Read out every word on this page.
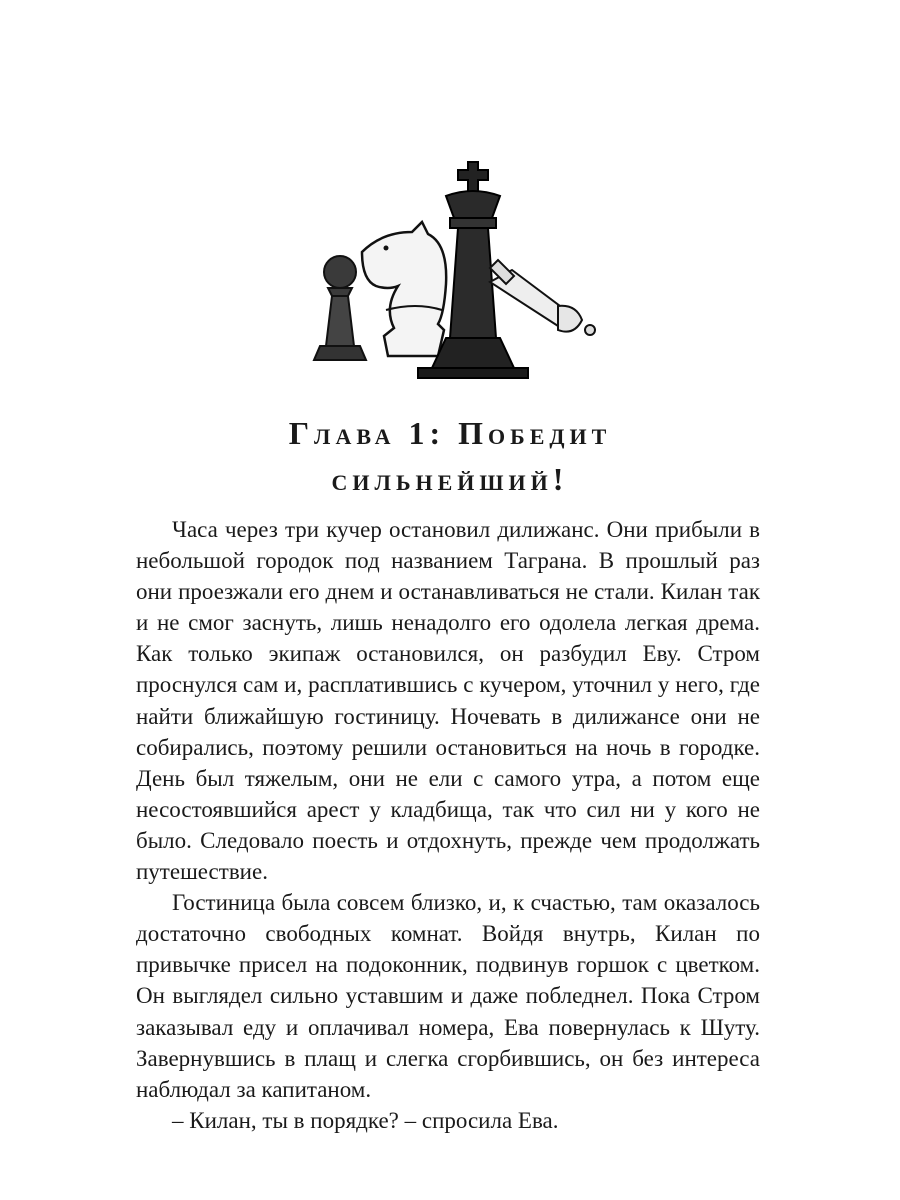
Глава 1: Победит
сильнейший!

Часа через три кучер остановил дилижанс. Они прибыли в небольшой городок под названием Таграна. В прошлый раз они проезжали его днем и останавливаться не стали. Килан так и не смог заснуть, лишь ненадолго его одолела легкая дрема. Как только экипаж остановился, он разбудил Еву. Стром проснулся сам и, расплатившись с кучером, уточнил у него, где найти ближайшую гостиницу. Ночевать в дилижансе они не собирались, поэтому решили остановиться на ночь в городке. День был тяжелым, они не ели с самого утра, а потом еще несостоявшийся арест у кладбища, так что сил ни у кого не было. Следовало поесть и отдохнуть, прежде чем продолжать путешествие.

Гостиница была совсем близко, и, к счастью, там оказалось достаточно свободных комнат. Войдя внутрь, Килан по привычке присел на подоконник, подвинув горшок с цветком. Он выглядел сильно уставшим и даже побледнел. Пока Стром заказывал еду и оплачивал номера, Ева повернулась к Шуту. Завернувшись в плащ и слегка сгорбившись, он без интереса наблюдал за капитаном.

– Килан, ты в порядке? – спросила Ева.
